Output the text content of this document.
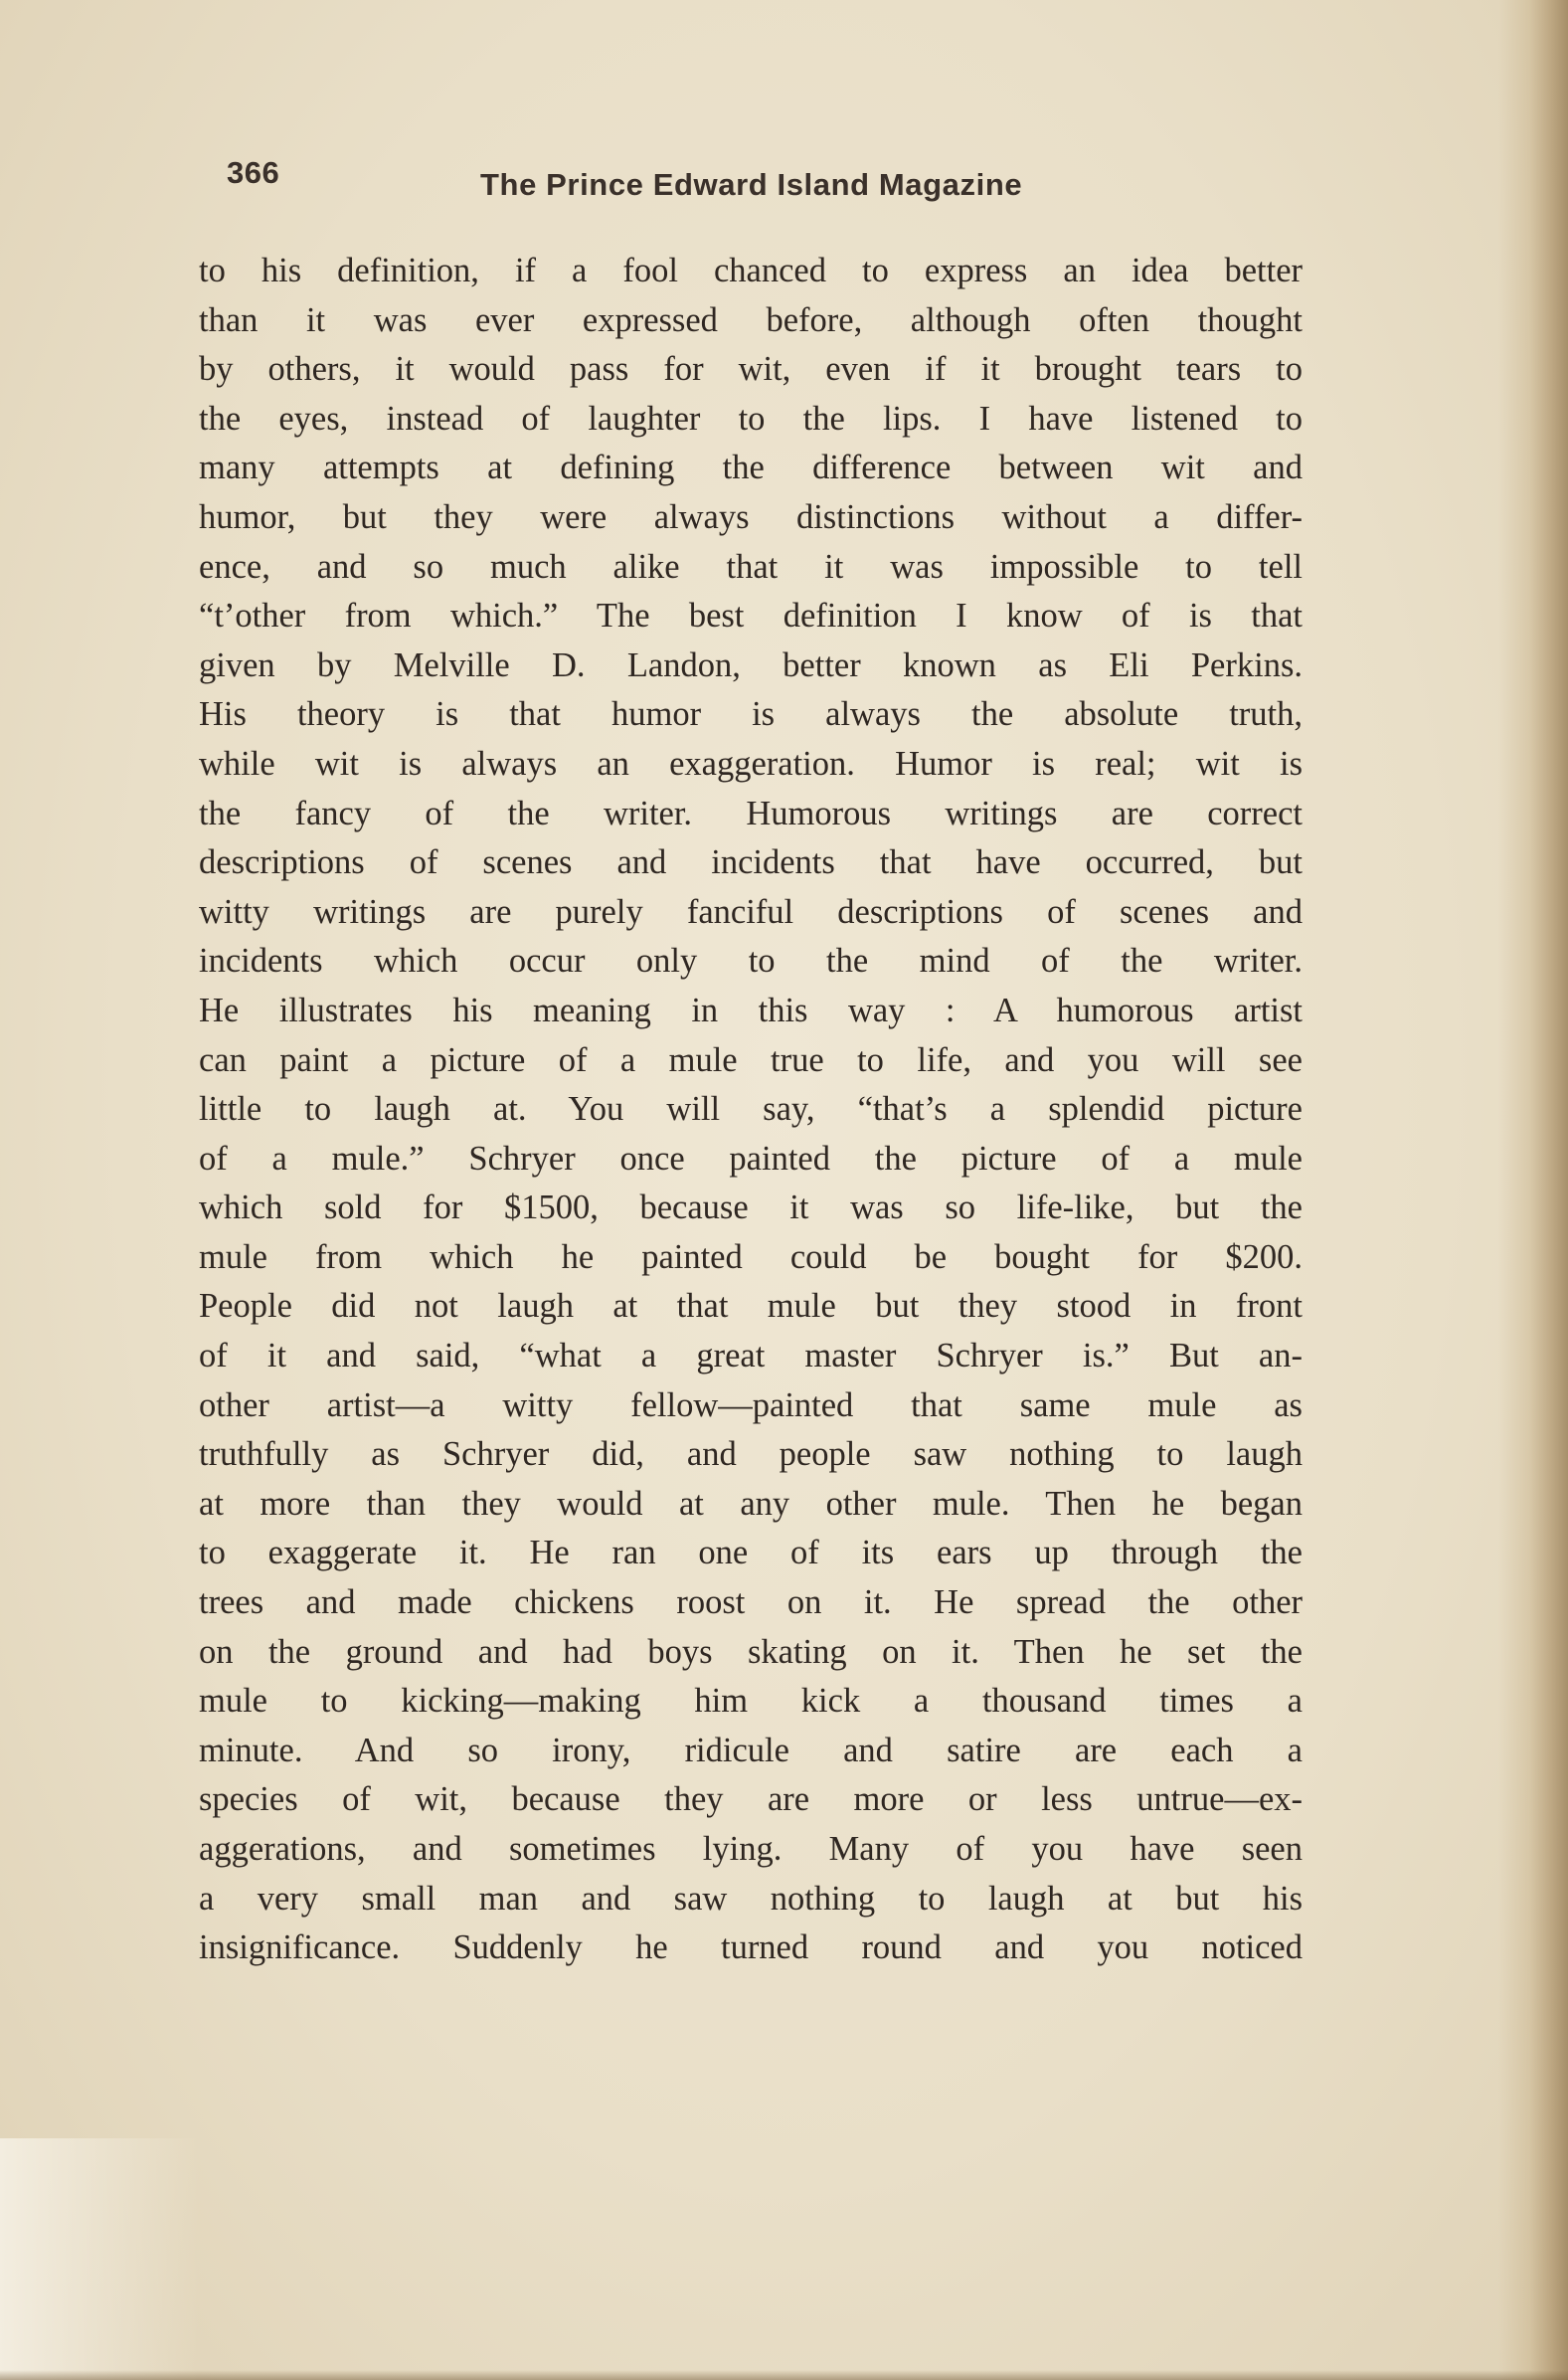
366	The Prince Edward Island Magazine
to his definition, if a fool chanced to express an idea better
than it was ever expressed before, although often thought
by others, it would pass for wit, even if it brought tears to
the eyes, instead of laughter to the lips. I have listened to
many attempts at defining the difference between wit and
humor, but they were always distinctions without a differ-
ence, and so much alike that it was impossible to tell
“t’other from which.” The best definition I know of is that
given by Melville D. Landon, better known as Eli Perkins.
His theory is that humor is always the absolute truth,
while wit is always an exaggeration. Humor is real; wit is
the fancy of the writer. Humorous writings are correct
descriptions of scenes and incidents that have occurred, but
witty writings are purely fanciful descriptions of scenes and
incidents which occur only to the mind of the writer.
He illustrates his meaning in this way : A humorous artist
can paint a picture of a mule true to life, and you will see
little to laugh at. You will say, “that’s a splendid picture
of a mule.” Schryer once painted the picture of a mule
which sold for $1500, because it was so life-like, but the
mule from which he painted could be bought for $200.
People did not laugh at that mule but they stood in front
of it and said, “what a great master Schryer is.” But an-
other artist—a witty fellow—painted that same mule as
truthfully as Schryer did, and people saw nothing to laugh
at more than they would at any other mule. Then he began
to exaggerate it. He ran one of its ears up through the
trees and made chickens roost on it. He spread the other
on the ground and had boys skating on it. Then he set the
mule to kicking—making him kick a thousand times a
minute. And so irony, ridicule and satire are each a
species of wit, because they are more or less untrue—ex-
aggerations, and sometimes lying. Many of you have seen
a very small man and saw nothing to laugh at but his
insignificance. Suddenly he turned round and you noticed
